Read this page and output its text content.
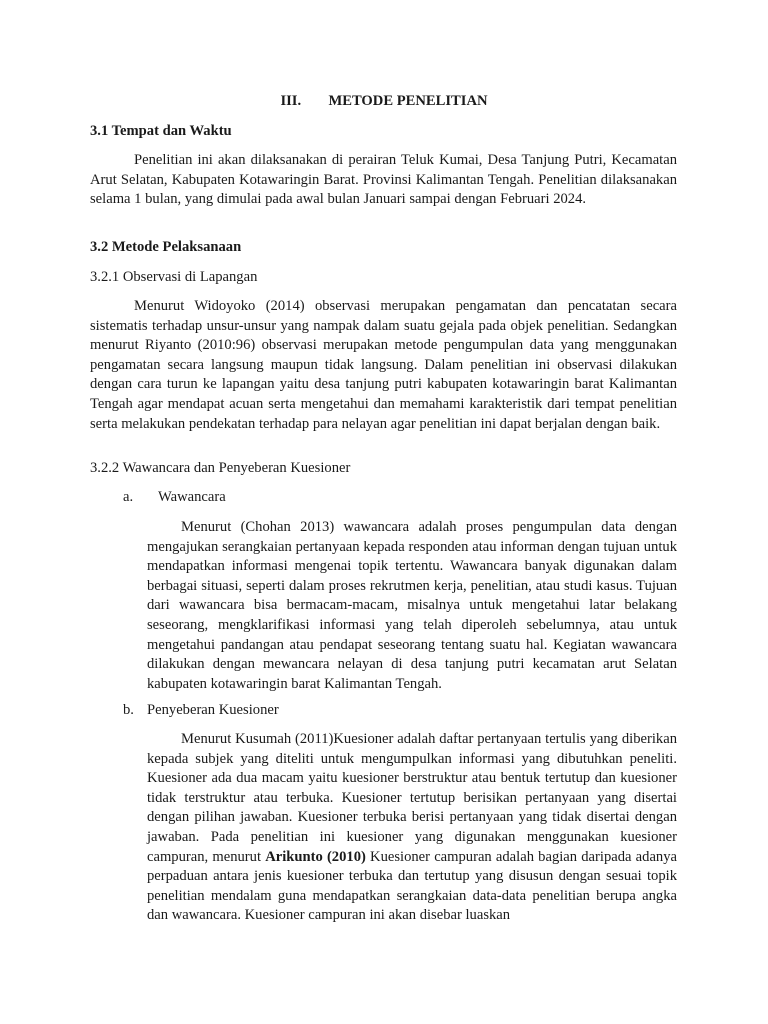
III. METODE PENELITIAN
3.1 Tempat dan Waktu

Penelitian ini akan dilaksanakan di perairan Teluk Kumai, Desa Tanjung Putri, Kecamatan Arut Selatan, Kabupaten Kotawaringin Barat. Provinsi Kalimantan Tengah. Penelitian dilaksanakan selama 1 bulan, yang dimulai pada awal bulan Januari sampai dengan Februari 2024.

3.2 Metode Pelaksanaan
3.2.1 Observasi di Lapangan

Menurut Widoyoko (2014) observasi merupakan pengamatan dan pencatatan secara sistematis terhadap unsur-unsur yang nampak dalam suatu gejala pada objek penelitian. Sedangkan menurut Riyanto (2010:96) observasi merupakan metode pengumpulan data yang menggunakan pengamatan secara langsung maupun tidak langsung. Dalam penelitian ini observasi dilakukan dengan cara turun ke lapangan yaitu desa tanjung putri kabupaten kotawaringin barat Kalimantan Tengah agar mendapat acuan serta mengetahui dan memahami karakteristik dari tempat penelitian serta melakukan pendekatan terhadap para nelayan agar penelitian ini dapat berjalan dengan baik.

3.2.2 Wawancara dan Penyeberan Kuesioner
a. Wawancara

Menurut (Chohan 2013) wawancara adalah proses pengumpulan data dengan mengajukan serangkaian pertanyaan kepada responden atau informan dengan tujuan untuk mendapatkan informasi mengenai topik tertentu. Wawancara banyak digunakan dalam berbagai situasi, seperti dalam proses rekrutmen kerja, penelitian, atau studi kasus. Tujuan dari wawancara bisa bermacam-macam, misalnya untuk mengetahui latar belakang seseorang, mengklarifikasi informasi yang telah diperoleh sebelumnya, atau untuk mengetahui pandangan atau pendapat seseorang tentang suatu hal. Kegiatan wawancara dilakukan dengan mewancara nelayan di desa tanjung putri kecamatan arut Selatan kabupaten kotawaringin barat Kalimantan Tengah.

b. Penyeberan Kuesioner

Menurut Kusumah (2011)Kuesioner adalah daftar pertanyaan tertulis yang diberikan kepada subjek yang diteliti untuk mengumpulkan informasi yang dibutuhkan peneliti. Kuesioner ada dua macam yaitu kuesioner berstruktur atau bentuk tertutup dan kuesioner tidak terstruktur atau terbuka. Kuesioner tertutup berisikan pertanyaan yang disertai dengan pilihan jawaban. Kuesioner terbuka berisi pertanyaan yang tidak disertai dengan jawaban. Pada penelitian ini kuesioner yang digunakan menggunakan kuesioner campuran, menurut Arikunto (2010) Kuesioner campuran adalah bagian daripada adanya perpaduan antara jenis kuesioner terbuka dan tertutup yang disusun dengan sesuai topik penelitian mendalam guna mendapatkan serangkaian data-data penelitian berupa angka dan wawancara. Kuesioner campuran ini akan disebar luaskan
